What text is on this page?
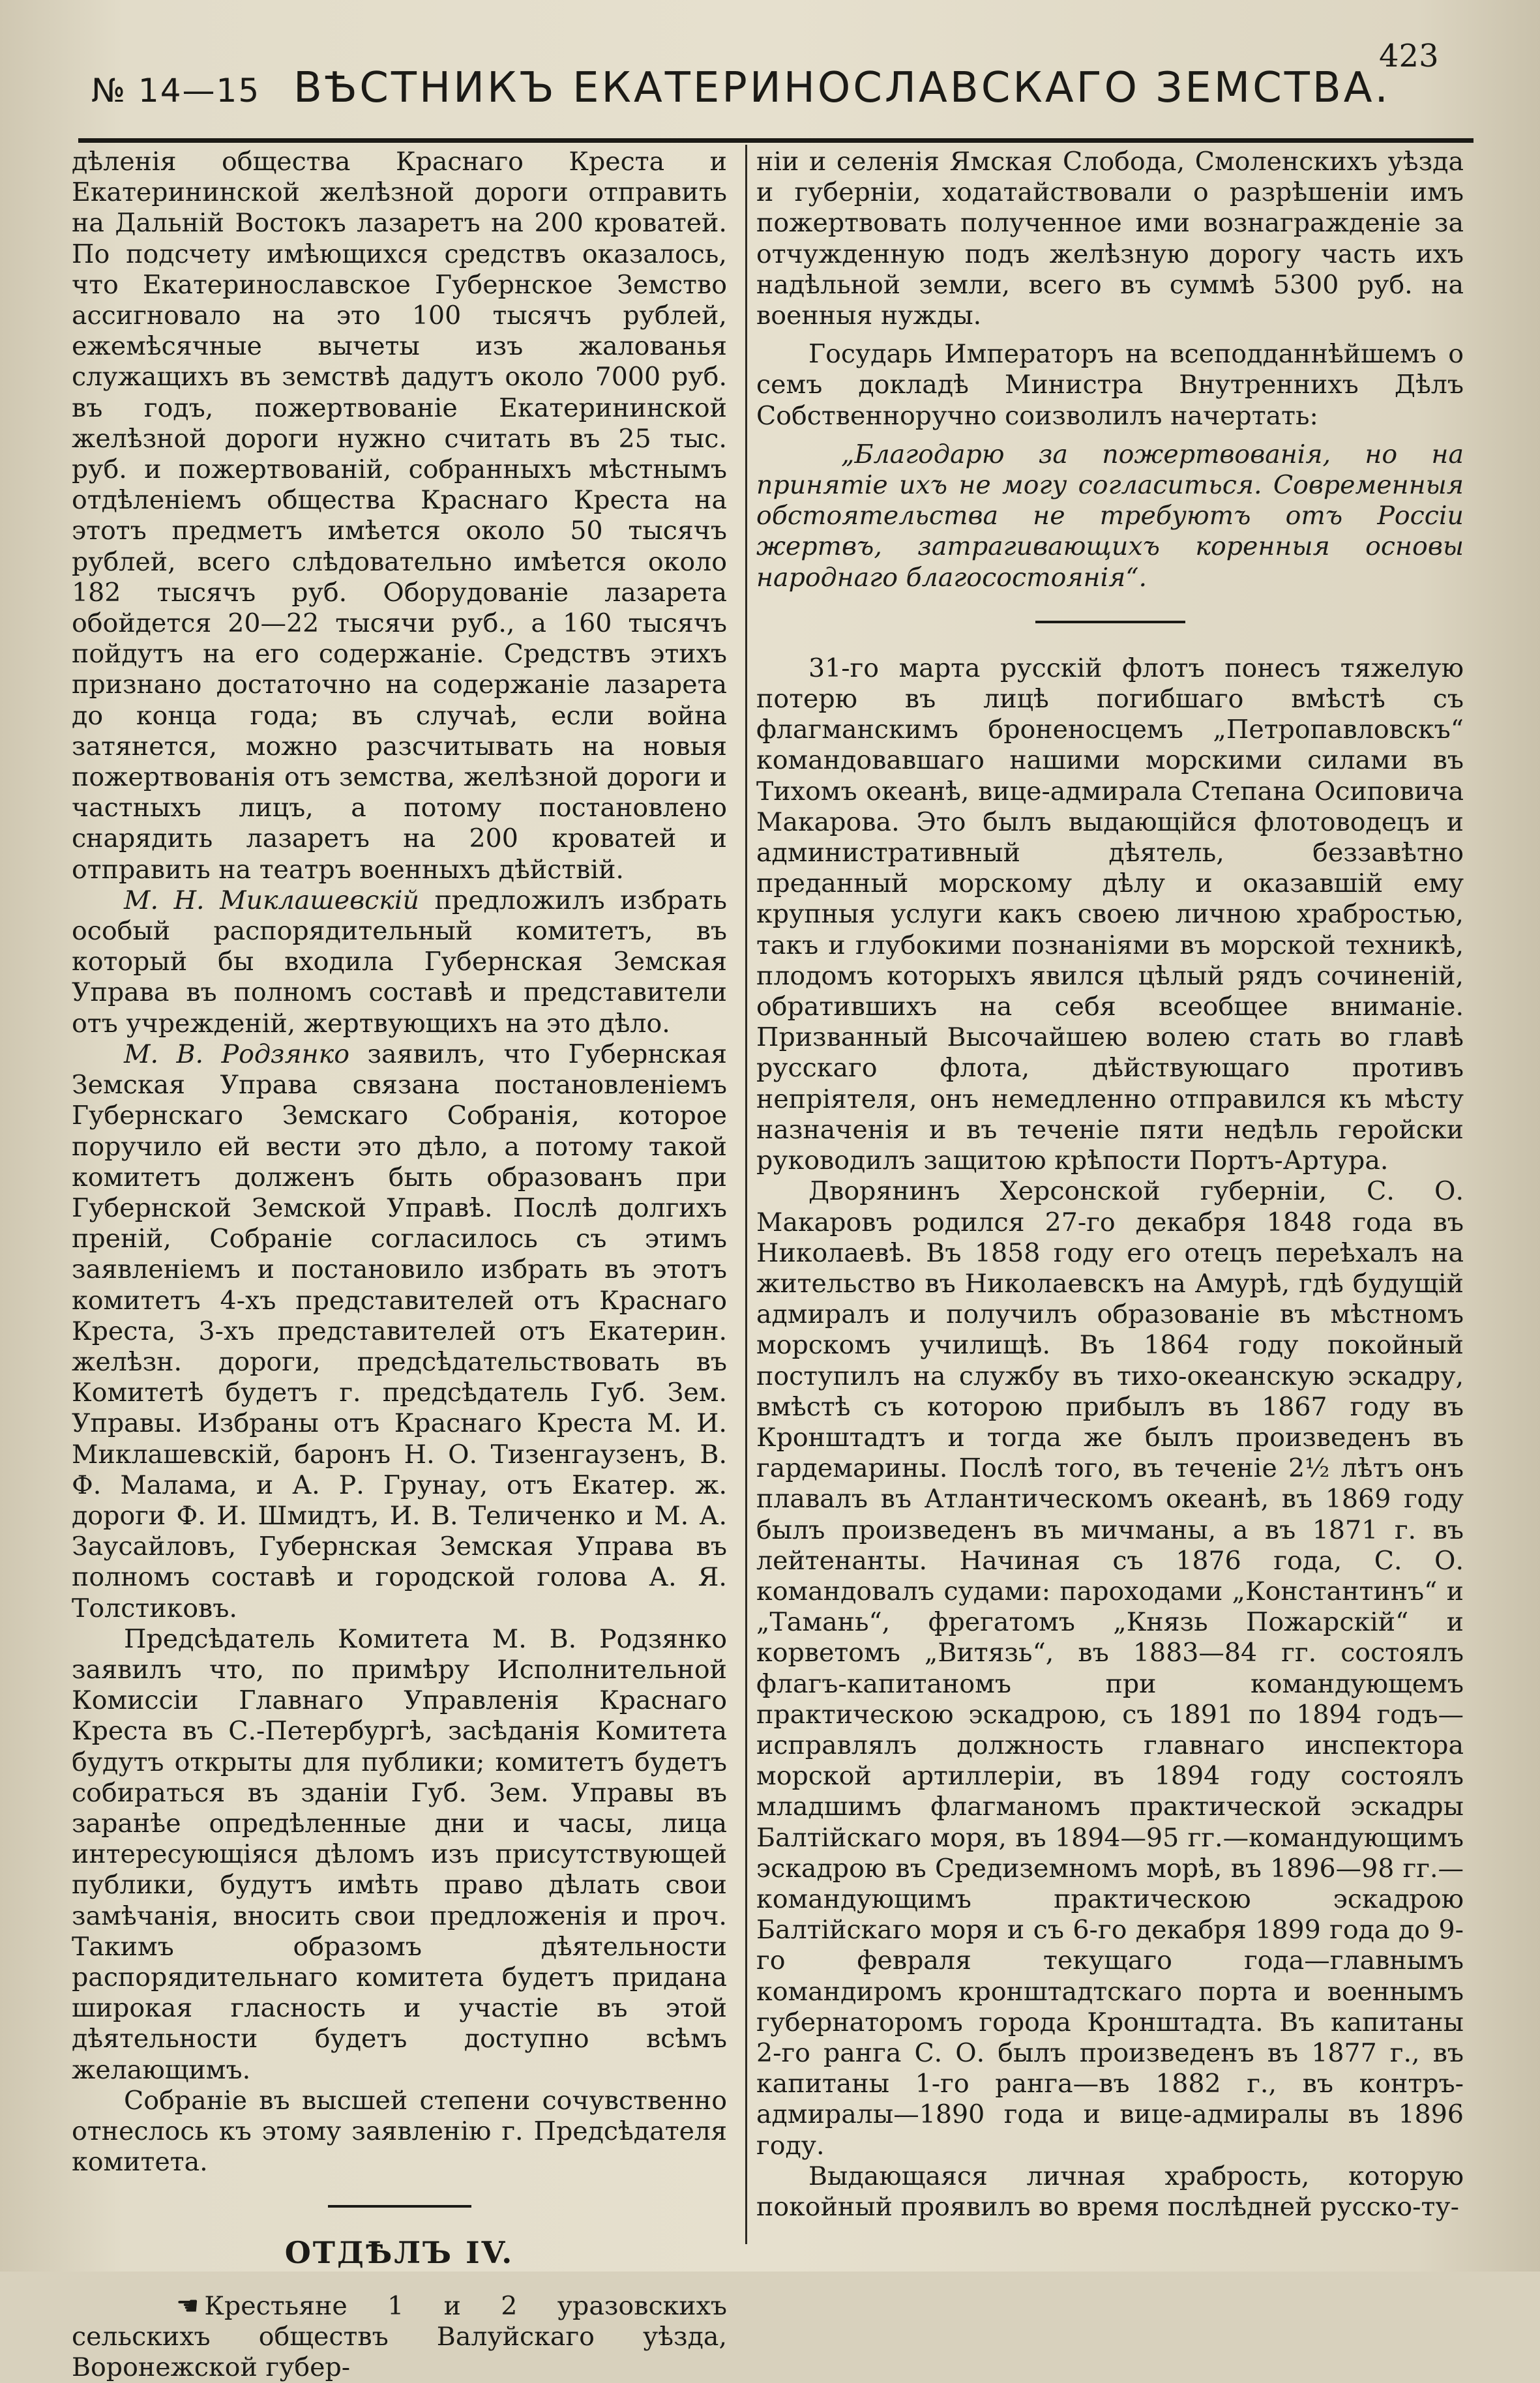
№ 14—15 ВѢСТНИКЪ ЕКАТЕРИНОСЛАВСКАГО ЗЕМСТВА.
423

дѣленія общества Краснаго Креста и Екатерининской желѣзной дороги отправить на Дальній Востокъ лазаретъ на 200 кроватей. По подсчету имѣющихся средствъ оказалось, что Екатеринославское Губернское Земство ассигновало на это 100 тысячъ рублей, ежемѣсячные вычеты изъ жалованья служащихъ въ земствѣ дадутъ около 7000 руб. въ годъ, пожертвованіе Екатерининской желѣзной дороги нужно считать въ 25 тыс. руб. и пожертвованій, собранныхъ мѣстнымъ отдѣленіемъ общества Краснаго Креста на этотъ предметъ имѣется около 50 тысячъ рублей, всего слѣдовательно имѣется около 182 тысячъ руб. Оборудованіе лазарета обойдется 20—22 тысячи руб., а 160 тысячъ пойдутъ на его содержаніе. Средствъ этихъ признано достаточно на содержаніе лазарета до конца года; въ случаѣ, если война затянется, можно разсчитывать на новыя пожертвованія отъ земства, желѣзной дороги и частныхъ лицъ, а потому постановлено снарядить лазаретъ на 200 кроватей и отправить на театръ военныхъ дѣйствій.

М. Н. Миклашевскій предложилъ избрать особый распорядительный комитетъ, въ который бы входила Губернская Земская Управа въ полномъ составѣ и представители отъ учрежденій, жертвующихъ на это дѣло.

М. В. Родзянко заявилъ, что Губернская Земская Управа связана постановленіемъ Губернскаго Земскаго Собранія, которое поручило ей вести это дѣло, а потому такой комитетъ долженъ быть образованъ при Губернской Земской Управѣ. Послѣ долгихъ преній, Собраніе согласилось съ этимъ заявленіемъ и постановило избрать въ этотъ комитетъ 4-хъ представителей отъ Краснаго Креста, 3-хъ представителей отъ Екатерин. желѣзн. дороги, предсѣдательствовать въ Комитетѣ будетъ г. предсѣдатель Губ. Зем. Управы. Избраны отъ Краснаго Креста М. И. Миклашевскій, баронъ Н. О. Тизенгаузенъ, В. Ф. Малама, и А. Р. Грунау, отъ Екатер. ж. дороги Ф. И. Шмидтъ, И. В. Теличенко и М. А. Заусайловъ, Губернская Земская Управа въ полномъ составѣ и городской голова А. Я. Толстиковъ.

Предсѣдатель Комитета М. В. Родзянко заявилъ что, по примѣру Исполнительной Комиссіи Главнаго Управленія Краснаго Креста въ С.-Петербургѣ, засѣданія Комитета будутъ открыты для публики; комитетъ будетъ собираться въ зданіи Губ. Зем. Управы въ заранѣе опредѣленные дни и часы, лица интересующіяся дѣломъ изъ присутствующей публики, будутъ имѣть право дѣлать свои замѣчанія, вносить свои предложенія и проч. Такимъ образомъ дѣятельности распорядительнаго комитета будетъ придана широкая гласность и участіе въ этой дѣятельности будетъ доступно всѣмъ желающимъ.

Собраніе въ высшей степени сочувственно отнеслось къ этому заявленію г. Предсѣдателя комитета.

ОТДѢЛЪ IV.

☚ Крестьяне 1 и 2 уразовскихъ сельскихъ обществъ Валуйскаго уѣзда, Воронежской губер-

ніи и селенія Ямская Слобода, Смоленскихъ уѣзда и губерніи, ходатайствовали о разрѣшеніи имъ пожертвовать полученное ими вознагражденіе за отчужденную подъ желѣзную дорогу часть ихъ надѣльной земли, всего въ суммѣ 5300 руб. на военныя нужды.

Государь Императоръ на всеподданнѣйшемъ о семъ докладѣ Министра Внутреннихъ Дѣлъ Собственноручно соизволилъ начертать:

„Благодарю за пожертвованія, но на принятіе ихъ не могу согласиться. Современныя обстоятельства не требуютъ отъ Россіи жертвъ, затрагивающихъ коренныя основы народнаго благосостоянія“.

31-го марта русскій флотъ понесъ тяжелую потерю въ лицѣ погибшаго вмѣстѣ съ флагманскимъ броненосцемъ „Петропавловскъ“ командовавшаго нашими морскими силами въ Тихомъ океанѣ, вице-адмирала Степана Осиповича Макарова. Это былъ выдающійся флотоводецъ и административный дѣятель, беззавѣтно преданный морскому дѣлу и оказавшій ему крупныя услуги какъ своею личною храбростью, такъ и глубокими познаніями въ морской техникѣ, плодомъ которыхъ явился цѣлый рядъ сочиненій, обратившихъ на себя всеобщее вниманіе. Призванный Высочайшею волею стать во главѣ русскаго флота, дѣйствующаго противъ непріятеля, онъ немедленно отправился къ мѣсту назначенія и въ теченіе пяти недѣль геройски руководилъ защитою крѣпости Портъ-Артура.

Дворянинъ Херсонской губерніи, С. О. Макаровъ родился 27-го декабря 1848 года въ Николаевѣ. Въ 1858 году его отецъ переѣхалъ на жительство въ Николаевскъ на Амурѣ, гдѣ будущій адмиралъ и получилъ образованіе въ мѣстномъ морскомъ училищѣ. Въ 1864 году покойный поступилъ на службу въ тихо-океанскую эскадру, вмѣстѣ съ которою прибылъ въ 1867 году въ Кронштадтъ и тогда же былъ произведенъ въ гардемарины. Послѣ того, въ теченіе 2½ лѣтъ онъ плавалъ въ Атлантическомъ океанѣ, въ 1869 году былъ произведенъ въ мичманы, а въ 1871 г. въ лейтенанты. Начиная съ 1876 года, С. О. командовалъ судами: пароходами „Константинъ“ и „Тамань“, фрегатомъ „Князь Пожарскій“ и корветомъ „Витязь“, въ 1883—84 гг. состоялъ флагъ-капитаномъ при командующемъ практическою эскадрою, съ 1891 по 1894 годъ—исправлялъ должность главнаго инспектора морской артиллеріи, въ 1894 году состоялъ младшимъ флагманомъ практической эскадры Балтійскаго моря, въ 1894—95 гг.—командующимъ эскадрою въ Средиземномъ морѣ, въ 1896—98 гг.—командующимъ практическою эскадрою Балтійскаго моря и съ 6-го декабря 1899 года до 9-го февраля текущаго года—главнымъ командиромъ кронштадтскаго порта и военнымъ губернаторомъ города Кронштадта. Въ капитаны 2-го ранга С. О. былъ произведенъ въ 1877 г., въ капитаны 1-го ранга—въ 1882 г., въ контръ-адмиралы—1890 года и вице-адмиралы въ 1896 году.

Выдающаяся личная храбрость, которую покойный проявилъ во время послѣдней русско-ту-
